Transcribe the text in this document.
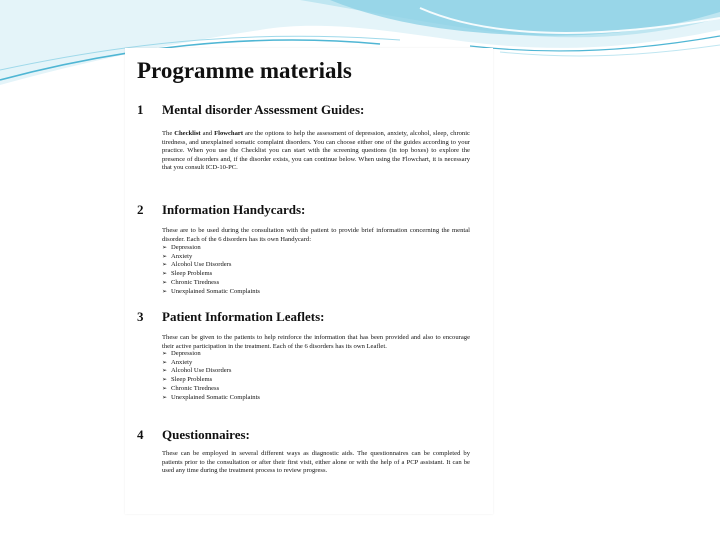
Programme materials
1 Mental disorder Assessment Guides:
The Checklist and Flowchart are the options to help the assessment of depression, anxiety, alcohol, sleep, chronic tiredness, and unexplained somatic complaint disorders. You can choose either one of the guides according to your practice. When you use the Checklist you can start with the screening questions (in top boxes) to explore the presence of disorders and, if the disorder exists, you can continue below. When using the Flowchart, it is necessary that you consult ICD-10-PC.
2 Information Handycards:
These are to be used during the consultation with the patient to provide brief information concerning the mental disorder. Each of the 6 disorders has its own Handycard:
➢ Depression
➢ Anxiety
➢ Alcohol Use Disorders
➢ Sleep Problems
➢ Chronic Tiredness
➢ Unexplained Somatic Complaints
3 Patient Information Leaflets:
These can be given to the patients to help reinforce the information that has been provided and also to encourage their active participation in the treatment. Each of the 6 disorders has its own Leaflet.
➢ Depression
➢ Anxiety
➢ Alcohol Use Disorders
➢ Sleep Problems
➢ Chronic Tiredness
➢ Unexplained Somatic Complaints
4 Questionnaires:
These can be employed in several different ways as diagnostic aids. The questionnaires can be completed by patients prior to the consultation or after their first visit, either alone or with the help of a PCP assistant. It can be used any time during the treatment process to review progress.
